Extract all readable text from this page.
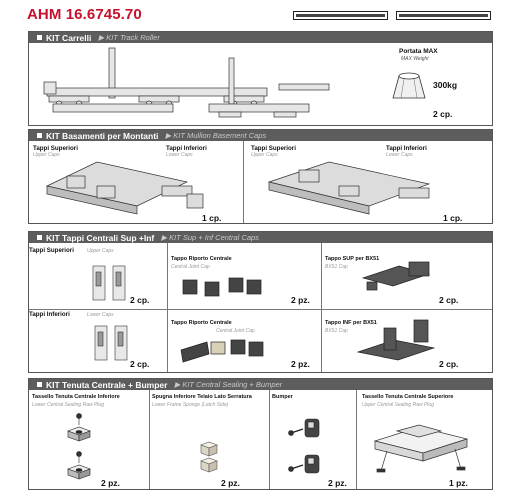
AHM 16.6745.70
KIT Carrelli ▶ KIT Track Roller
Portata MAX
MAX Weight
300kg
2 cp.
KIT Basamenti per Montanti ▶ KIT Mullion Basement Caps
Tappi Superiori
Upper Caps
Tappi Inferiori
Lower Caps
1 cp.
Tappi Superiori
Upper Caps
Tappi Inferiori
Lower Caps
1 cp.
KIT Tappi Centrali Sup +Inf ▶ KIT Sup + Inf Central Caps
Tappi Superiori	Upper Caps
2 cp.
Tappo Riporto Centrale
Central Joint Cap
2 pz.
Tappo SUP per BX51
BX51 Cap
2 cp.
Tappi Inferiori	Lower Caps
2 cp.
Tappo Riporto Centrale
Central Joint Cap
2 pz.
Tappo INF per BX51
BX51 Cap
2 cp.
KIT Tenuta Centrale + Bumper ▶ KIT Central Sealing + Bumper
Tassello Tenuta Centrale Inferiore
Lower Central Sealing Raw Plug
2 pz.
Spugna Inferiore Telaio Lato Serratura
Lower Frame Sponge (Latch Side)
2 pz.
Bumper
2 pz.
Tassello Tenuta Centrale Superiore
Upper Central Sealing Raw Plug
1 pz.
